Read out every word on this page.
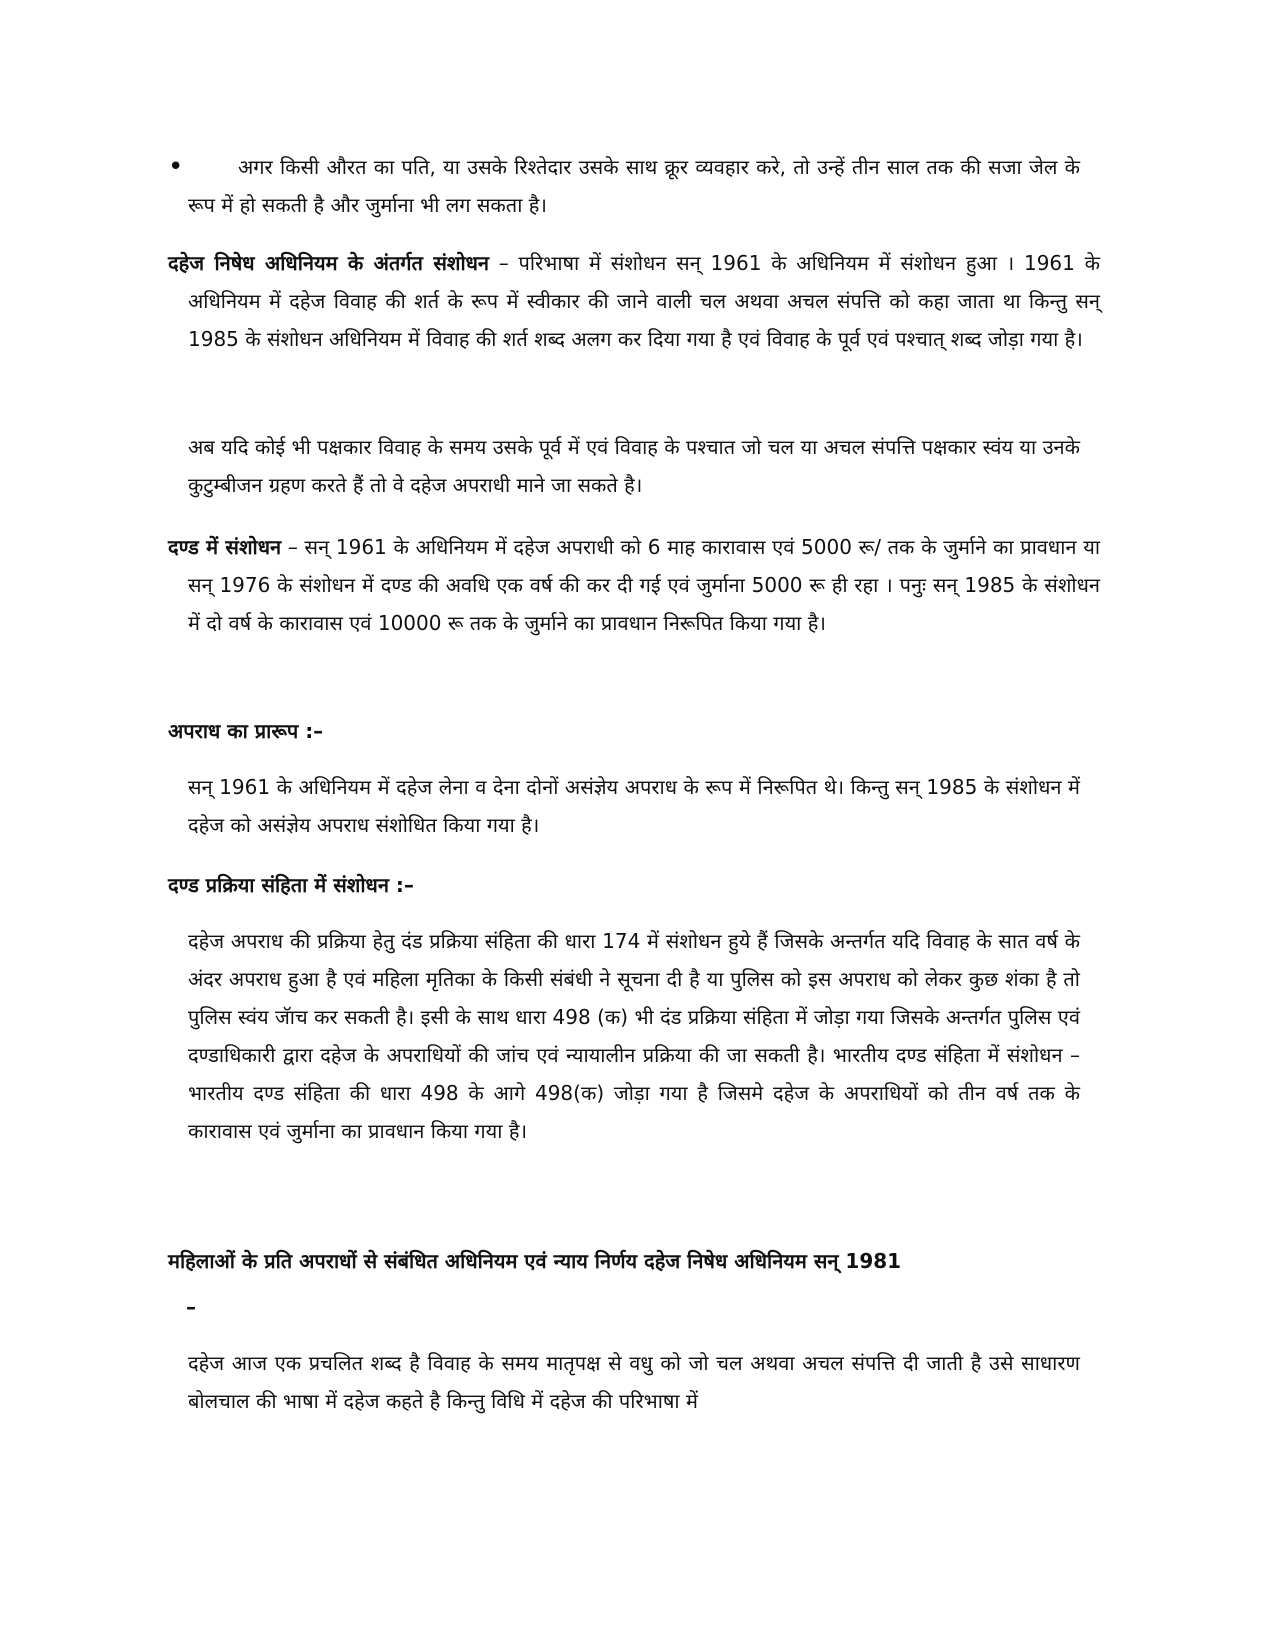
•	अगर किसी औरत का पति, या उसके रिश्तेदार उसके साथ क्रूर व्यवहार करे, तो उन्हें तीन साल तक की सजा जेल के रूप में हो सकती है और जुर्माना भी लग सकता है।
दहेज निषेध अधिनियम के अंतर्गत संशोधन – परिभाषा में संशोधन सन् 1961 के अधिनियम में संशोधन हुआ । 1961 के अधिनियम में दहेज विवाह की शर्त के रूप में स्वीकार की जाने वाली चल अथवा अचल संपत्ति को कहा जाता था किन्तु सन् 1985 के संशोधन अधिनियम में विवाह की शर्त शब्द अलग कर दिया गया है एवं विवाह के पूर्व एवं पश्चात् शब्द जोड़ा गया है।
अब यदि कोई भी पक्षकार विवाह के समय उसके पूर्व में एवं विवाह के पश्चात जो चल या अचल संपत्ति पक्षकार स्वंय या उनके कुटुम्बीजन ग्रहण करते हैं तो वे दहेज अपराधी माने जा सकते है।
दण्ड में संशोधन – सन् 1961 के अधिनियम में दहेज अपराधी को 6 माह कारावास एवं 5000 रू/ तक के जुर्माने का प्रावधान या सन् 1976 के संशोधन में दण्ड की अवधि एक वर्ष की कर दी गई एवं जुर्माना 5000 रू ही रहा । पनुः सन् 1985 के संशोधन में दो वर्ष के कारावास एवं 10000 रू तक के जुर्माने का प्रावधान निरूपित किया गया है।
अपराध का प्रारूप :–
सन् 1961 के अधिनियम में दहेज लेना व देना दोनों असंज्ञेय अपराध के रूप में निरूपित थे। किन्तु सन् 1985 के संशोधन में दहेज को असंज्ञेय अपराध संशोधित किया गया है।
दण्ड प्रक्रिया संहिता में संशोधन :–
दहेज अपराध की प्रक्रिया हेतु दंड प्रक्रिया संहिता की धारा 174 में संशोधन हुये हैं जिसके अन्तर्गत यदि विवाह के सात वर्ष के अंदर अपराध हुआ है एवं महिला मृतिका के किसी संबंधी ने सूचना दी है या पुलिस को इस अपराध को लेकर कुछ शंका है तो पुलिस स्वंय जॅाच कर सकती है। इसी के साथ धारा 498 (क) भी दंड प्रक्रिया संहिता में जोड़ा गया जिसके अन्तर्गत पुलिस एवं दण्डाधिकारी द्वारा दहेज के अपराधियों की जांच एवं न्यायालीन प्रक्रिया की जा सकती है। भारतीय दण्ड संहिता में संशोधन – भारतीय दण्ड संहिता की धारा 498 के आगे 498(क) जोड़ा गया है जिसमे दहेज के अपराधियों को तीन वर्ष तक के कारावास एवं जुर्माना का प्रावधान किया गया है।
महिलाओं के प्रति अपराधों से संबंधित अधिनियम एवं न्याय निर्णय दहेज निषेध अधिनियम सन् 1981
–
दहेज आज एक प्रचलित शब्द है विवाह के समय मातृपक्ष से वधु को जो चल अथवा अचल संपत्ति दी जाती है उसे साधारण बोलचाल की भाषा में दहेज कहते है किन्तु विधि में दहेज की परिभाषा में
